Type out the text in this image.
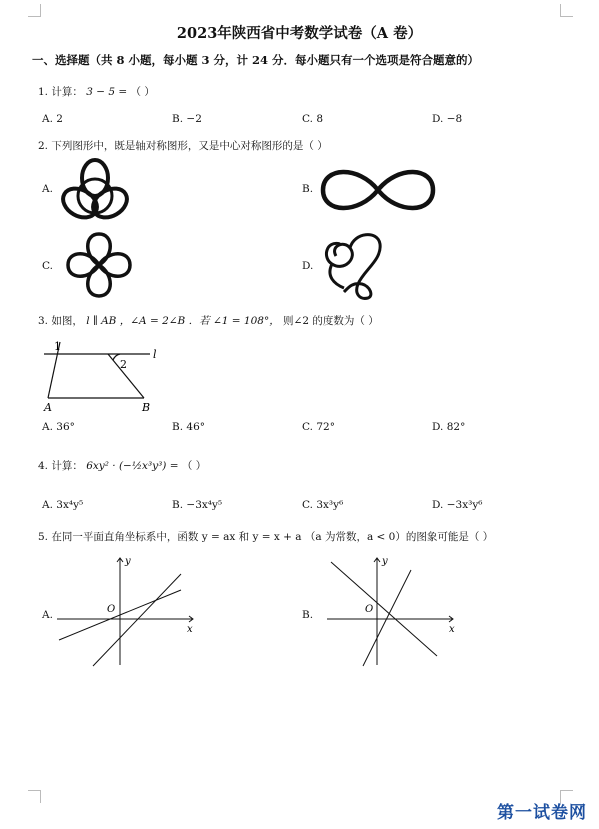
2023年陕西省中考数学试卷（A 卷）
一、选择题（共 8 小题，每小题 3 分，计 24 分．每小题只有一个选项是符合题意的）
1. 计算： 3 − 5 = （ ）
A. 2	B. −2	C. 8	D. −8
2. 下列图形中，既是轴对称图形，又是中心对称图形的是（ ）
A.	B.
C.	D.
3. 如图， l ∥ AB ，∠A = 2∠B ．若 ∠1 = 108°， 则∠2 的度数为（ ）
1
2
l
A	B
A. 36°	B. 46°	C. 72°	D. 82°
4. 计算： 6xy² · (−½x³y³) = （ ）
A. 3x⁴y⁵	B. −3x⁴y⁵	C. 3x³y⁶	D. −3x³y⁶
5. 在同一平面直角坐标系中，函数 y = ax 和 y = x + a （a 为常数，a < 0）的图象可能是（ ）
A.	B.
x
y
O
x
y
O
第一试卷网
